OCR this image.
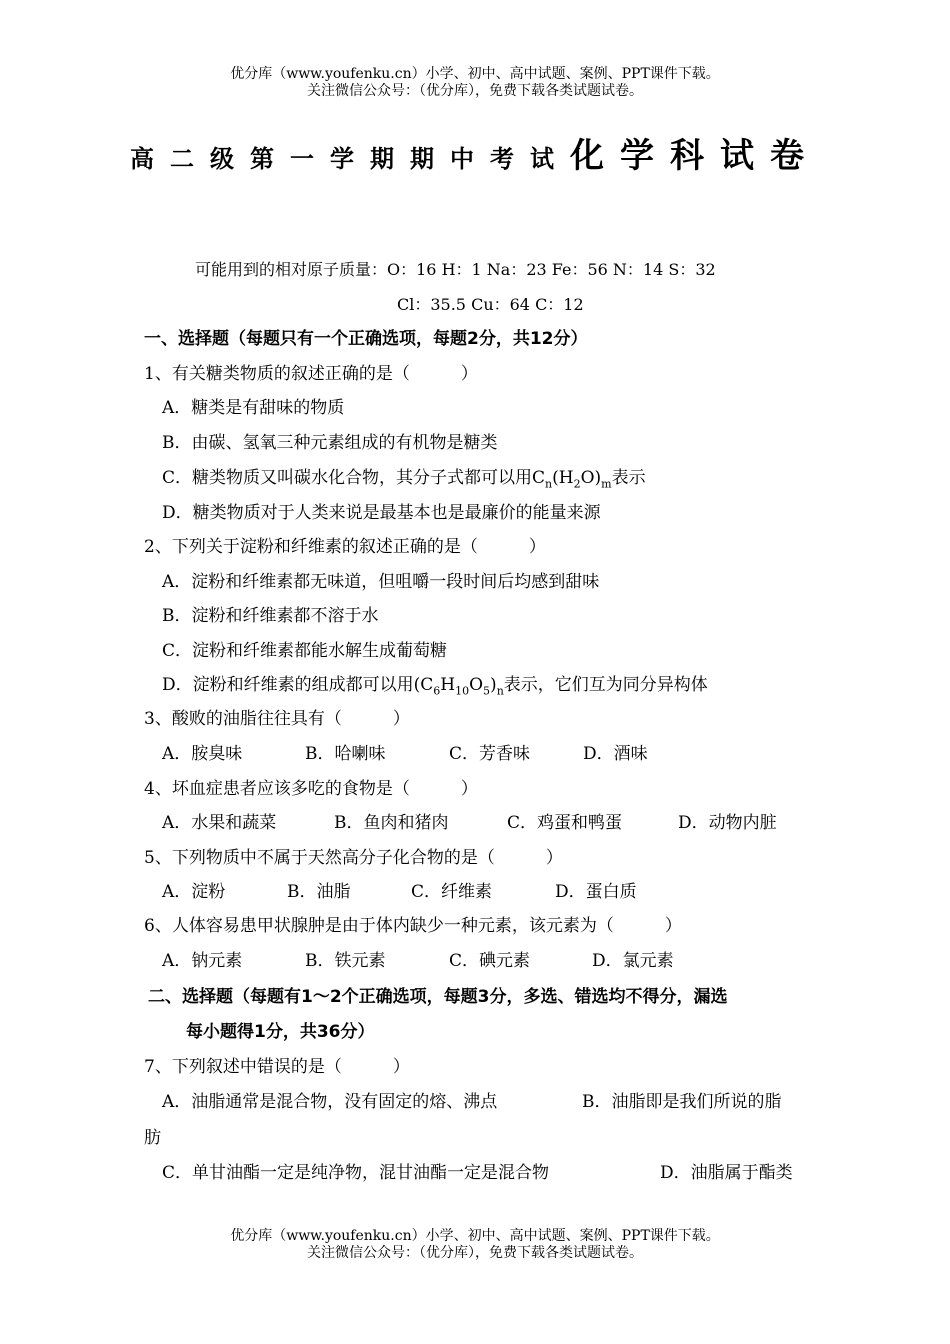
优分库（www.youfenku.cn）小学、初中、高中试题、案例、PPT课件下载。
关注微信公众号：（优分库），免费下载各类试题试卷。
高二级第一学期期中考试化学科试卷
可能用到的相对原子质量：O：16 H：1 Na：23 Fe：56 N：14 S：32
Cl：35.5 Cu：64 C：12
一、选择题（每题只有一个正确选项，每题2分，共12分）
1、有关糖类物质的叙述正确的是（　　　）
A．糖类是有甜味的物质
B．由碳、氢氧三种元素组成的有机物是糖类
C．糖类物质又叫碳水化合物，其分子式都可以用$C_n(H_2O)_m$表示
D．糖类物质对于人类来说是最基本也是最廉价的能量来源
2、下列关于淀粉和纤维素的叙述正确的是（　　　）
A．淀粉和纤维素都无味道，但咀嚼一段时间后均感到甜味
B．淀粉和纤维素都不溶于水
C．淀粉和纤维素都能水解生成葡萄糖
D．淀粉和纤维素的组成都可以用$(C_6H_{10}O_5)_n$表示，它们互为同分异构体
3、酸败的油脂往往具有（　　　）
A．胺臭味	B．哈喇味	C．芳香味	D．酒味
4、坏血症患者应该多吃的食物是（　　　）
A．水果和蔬菜	B．鱼肉和猪肉	C．鸡蛋和鸭蛋	D．动物内脏
5、下列物质中不属于天然高分子化合物的是（　　　）
A．淀粉	B．油脂	C．纤维素	D．蛋白质
6、人体容易患甲状腺肿是由于体内缺少一种元素，该元素为（　　　）
A．钠元素	B．铁元素	C．碘元素	D．氯元素
二、选择题（每题有1～2个正确选项，每题3分，多选、错选均不得分，漏选
每小题得1分，共36分）
7、下列叙述中错误的是（　　　）
A．油脂通常是混合物，没有固定的熔、沸点	B．油脂即是我们所说的脂
肪
C．单甘油酯一定是纯净物，混甘油酯一定是混合物	D．油脂属于酯类
优分库（www.youfenku.cn）小学、初中、高中试题、案例、PPT课件下载。
关注微信公众号：（优分库），免费下载各类试题试卷。
